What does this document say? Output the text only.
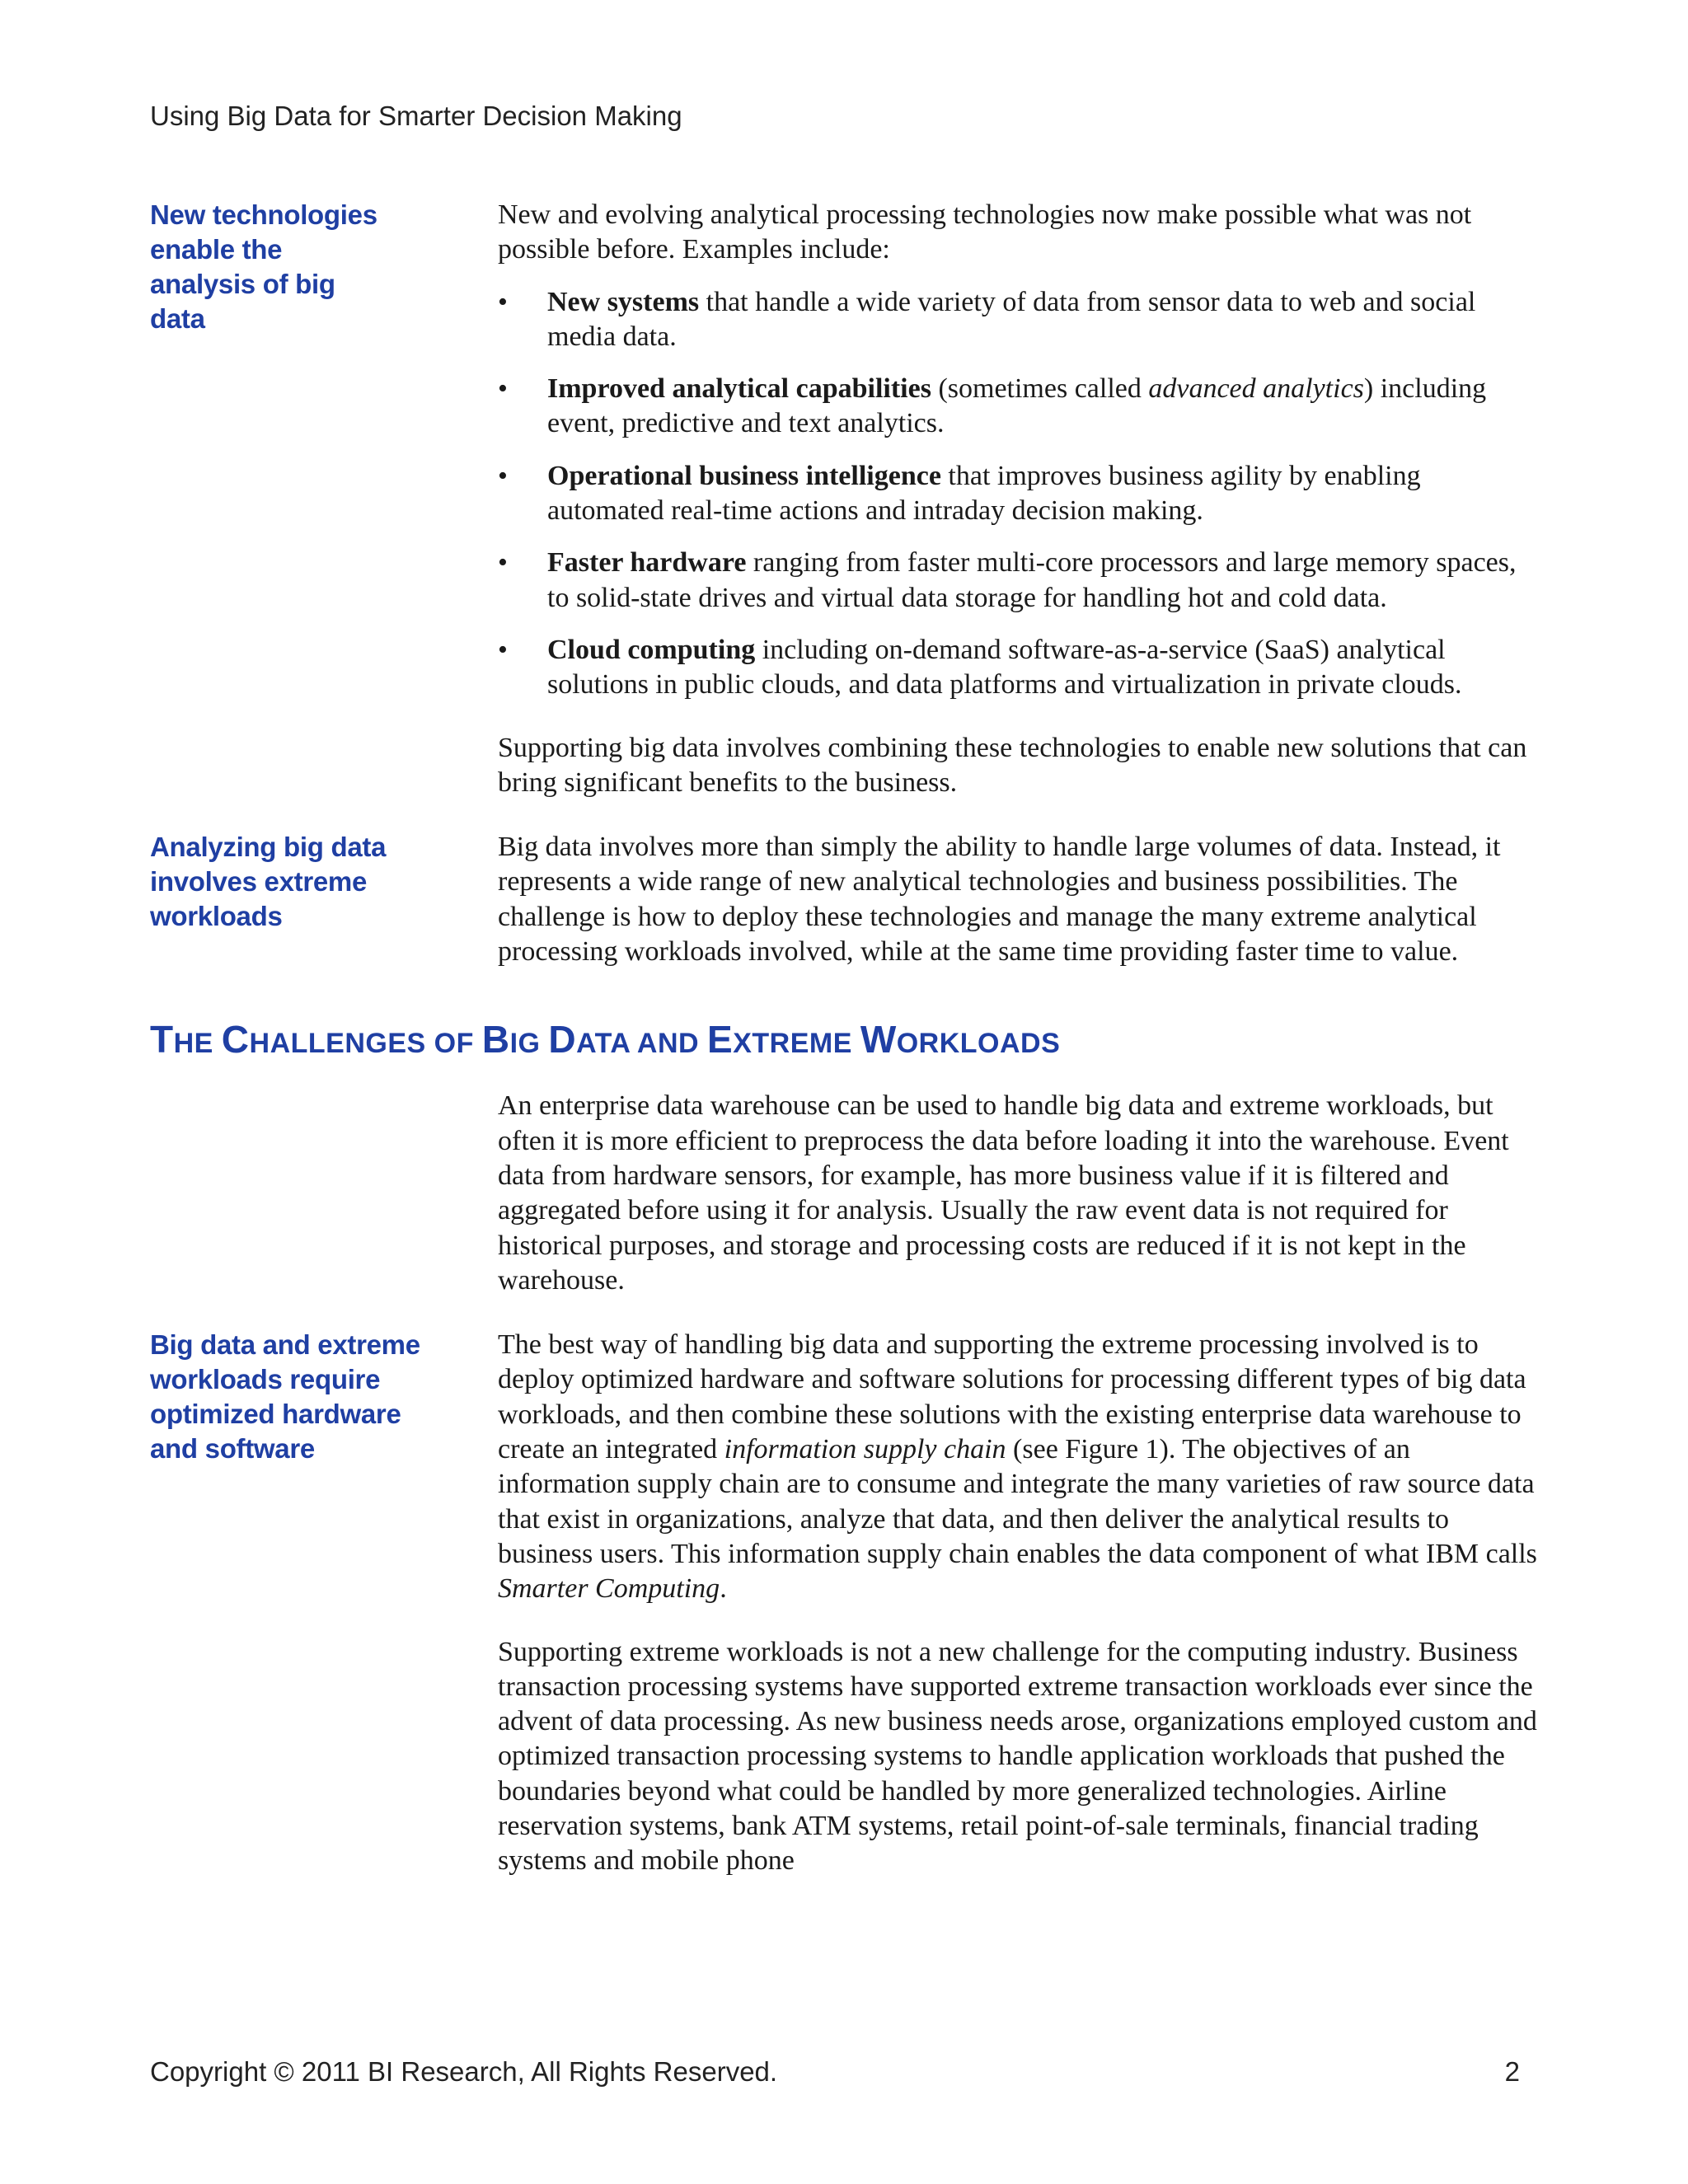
Using Big Data for Smarter Decision Making
New technologies enable the analysis of big data

New and evolving analytical processing technologies now make possible what was not possible before. Examples include:

• New systems that handle a wide variety of data from sensor data to web and social media data.
• Improved analytical capabilities (sometimes called advanced analytics) including event, predictive and text analytics.
• Operational business intelligence that improves business agility by enabling automated real-time actions and intraday decision making.
• Faster hardware ranging from faster multi-core processors and large memory spaces, to solid-state drives and virtual data storage for handling hot and cold data.
• Cloud computing including on-demand software-as-a-service (SaaS) analytical solutions in public clouds, and data platforms and virtualization in private clouds.

Supporting big data involves combining these technologies to enable new solutions that can bring significant benefits to the business.

Analyzing big data involves extreme workloads

Big data involves more than simply the ability to handle large volumes of data. Instead, it represents a wide range of new analytical technologies and business possibilities. The challenge is how to deploy these technologies and manage the many extreme analytical processing workloads involved, while at the same time providing faster time to value.

THE CHALLENGES OF BIG DATA AND EXTREME WORKLOADS

An enterprise data warehouse can be used to handle big data and extreme workloads, but often it is more efficient to preprocess the data before loading it into the warehouse. Event data from hardware sensors, for example, has more business value if it is filtered and aggregated before using it for analysis. Usually the raw event data is not required for historical purposes, and storage and processing costs are reduced if it is not kept in the warehouse.

Big data and extreme workloads require optimized hardware and software

The best way of handling big data and supporting the extreme processing involved is to deploy optimized hardware and software solutions for processing different types of big data workloads, and then combine these solutions with the existing enterprise data warehouse to create an integrated information supply chain (see Figure 1). The objectives of an information supply chain are to consume and integrate the many varieties of raw source data that exist in organizations, analyze that data, and then deliver the analytical results to business users. This information supply chain enables the data component of what IBM calls Smarter Computing.

Supporting extreme workloads is not a new challenge for the computing industry. Business transaction processing systems have supported extreme transaction workloads ever since the advent of data processing. As new business needs arose, organizations employed custom and optimized transaction processing systems to handle application workloads that pushed the boundaries beyond what could be handled by more generalized technologies. Airline reservation systems, bank ATM systems, retail point-of-sale terminals, financial trading systems and mobile phone

Copyright © 2011 BI Research, All Rights Reserved.	2
